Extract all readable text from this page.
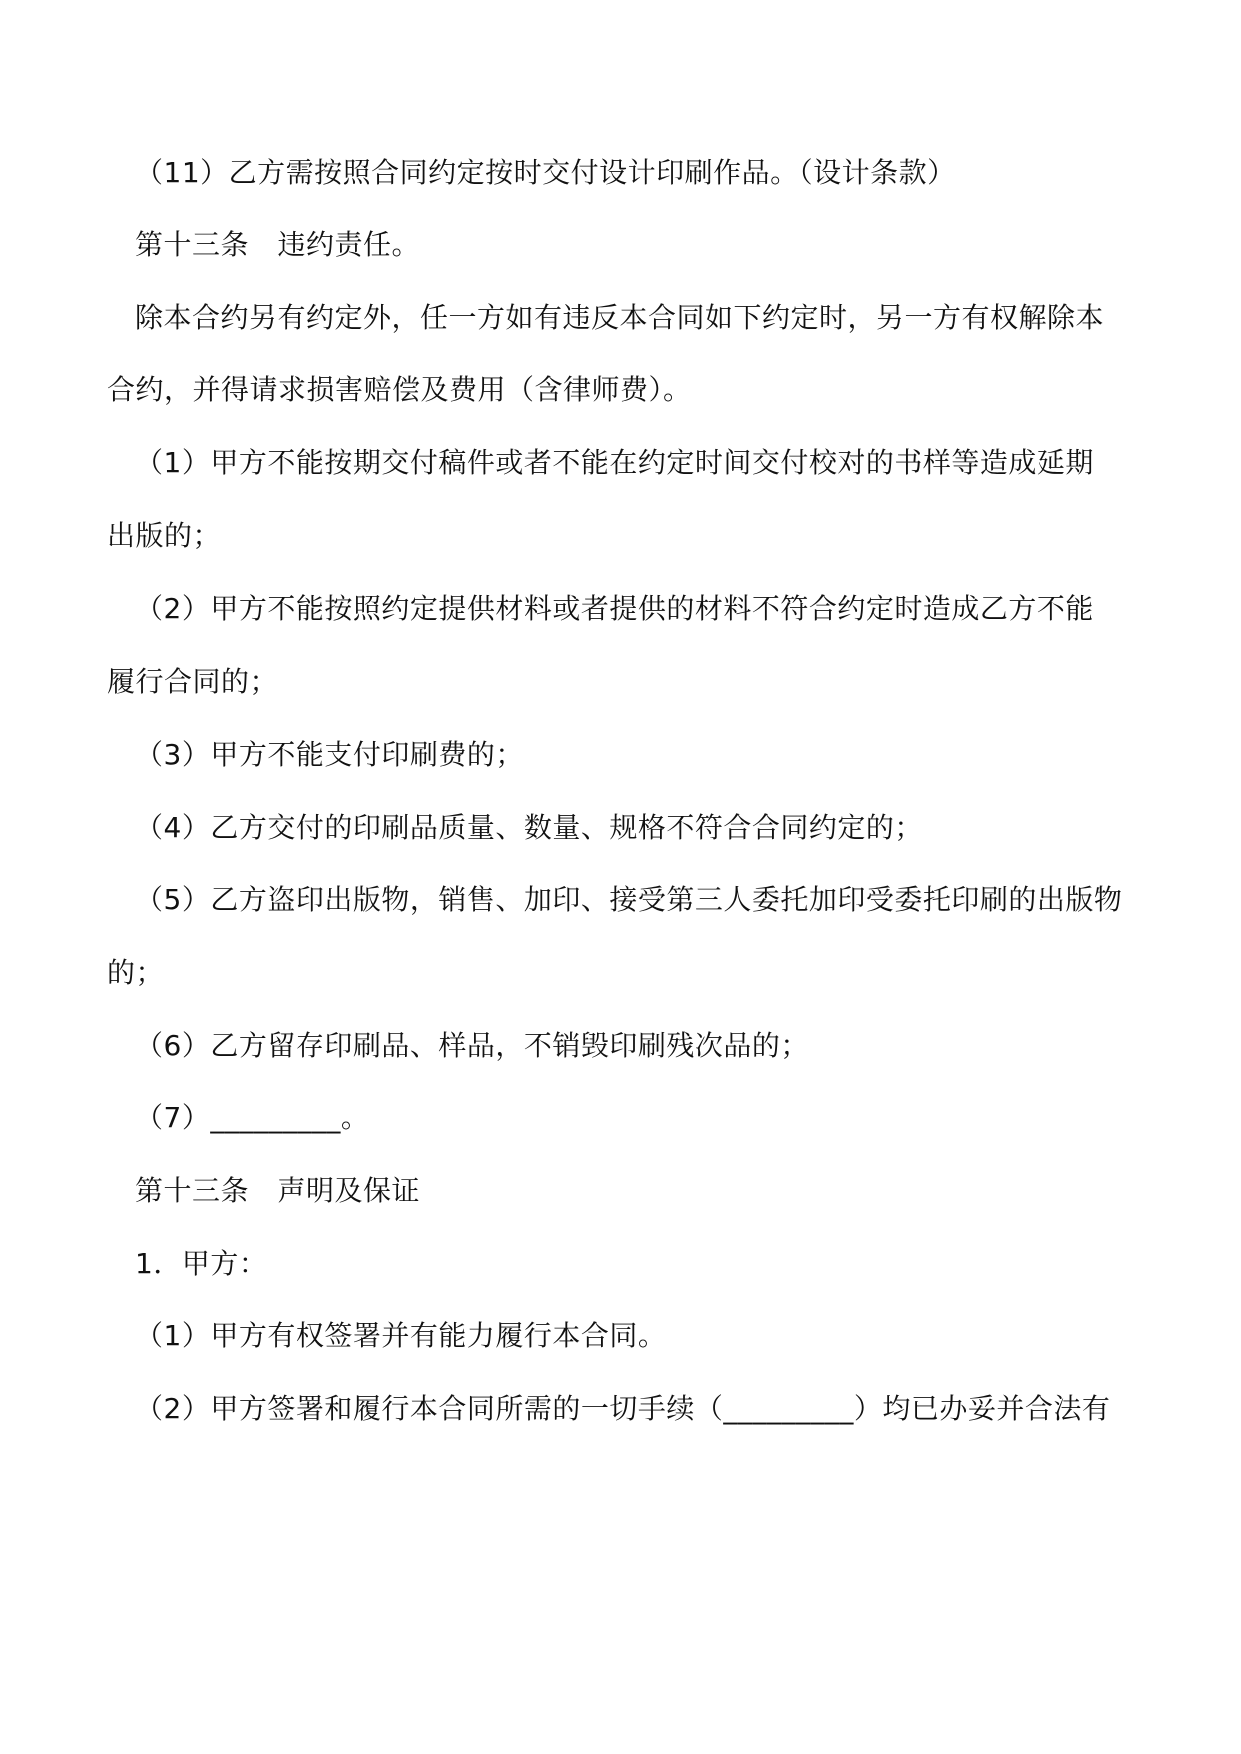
（11）乙方需按照合同约定按时交付设计印刷作品。（设计条款）
第十三条　违约责任。
除本合约另有约定外，任一方如有违反本合同如下约定时，另一方有权解除本
合约，并得请求损害赔偿及费用（含律师费）。
（1）甲方不能按期交付稿件或者不能在约定时间交付校对的书样等造成延期
出版的；
（2）甲方不能按照约定提供材料或者提供的材料不符合约定时造成乙方不能
履行合同的；
（3）甲方不能支付印刷费的；
（4）乙方交付的印刷品质量、数量、规格不符合合同约定的；
（5）乙方盗印出版物，销售、加印、接受第三人委托加印受委托印刷的出版物
的；
（6）乙方留存印刷品、样品，不销毁印刷残次品的；
（7）_________。
第十三条　声明及保证
1．甲方：
（1）甲方有权签署并有能力履行本合同。
（2）甲方签署和履行本合同所需的一切手续（_________）均已办妥并合法有
